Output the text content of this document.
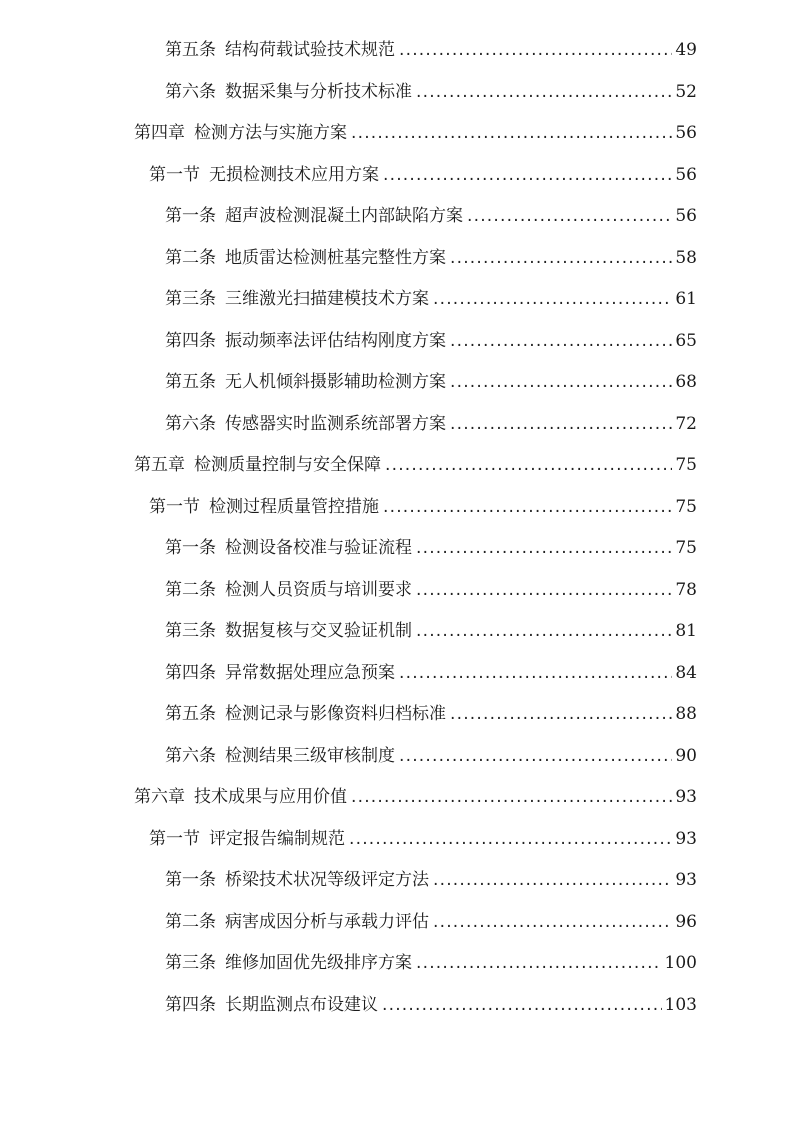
第五条 结构荷载试验技术规范 .....	49
第六条 数据采集与分析技术标准 .....	52
第四章 检测方法与实施方案 .....	56
第一节 无损检测技术应用方案 .....	56
第一条 超声波检测混凝土内部缺陷方案 .....	56
第二条 地质雷达检测桩基完整性方案 .....	58
第三条 三维激光扫描建模技术方案 .....	61
第四条 振动频率法评估结构刚度方案 .....	65
第五条 无人机倾斜摄影辅助检测方案 .....	68
第六条 传感器实时监测系统部署方案 .....	72
第五章 检测质量控制与安全保障 .....	75
第一节 检测过程质量管控措施 .....	75
第一条 检测设备校准与验证流程 .....	75
第二条 检测人员资质与培训要求 .....	78
第三条 数据复核与交叉验证机制 .....	81
第四条 异常数据处理应急预案 .....	84
第五条 检测记录与影像资料归档标准 .....	88
第六条 检测结果三级审核制度 .....	90
第六章 技术成果与应用价值 .....	93
第一节 评定报告编制规范 .....	93
第一条 桥梁技术状况等级评定方法 .....	93
第二条 病害成因分析与承载力评估 .....	96
第三条 维修加固优先级排序方案 .....	100
第四条 长期监测点布设建议 .....	103
